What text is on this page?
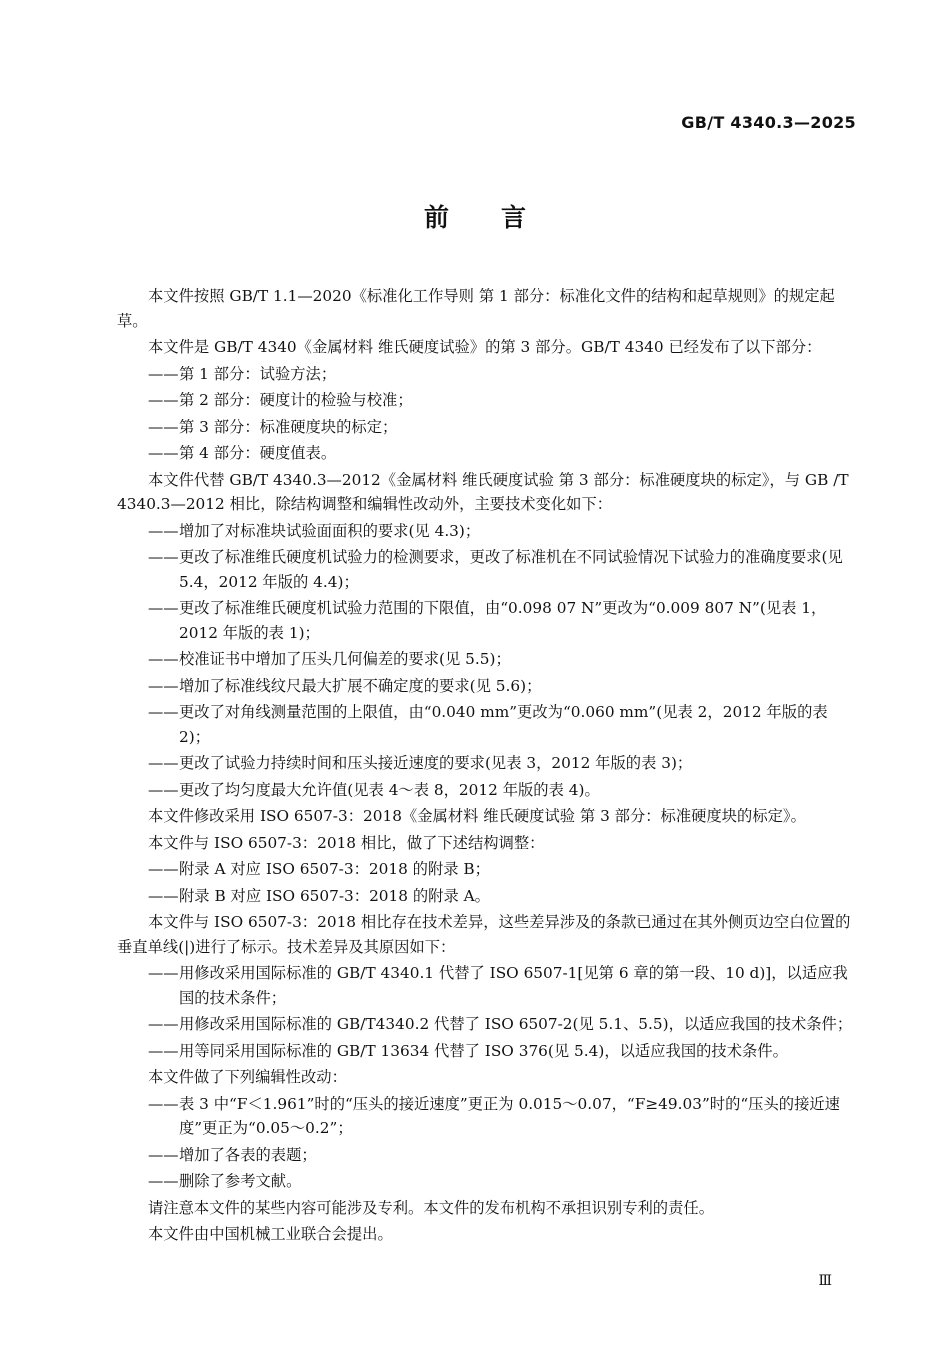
GB/T 4340.3—2025
前言
本文件按照 GB/T 1.1—2020《标准化工作导则 第 1 部分：标准化文件的结构和起草规则》的规定起草。
本文件是 GB/T 4340《金属材料 维氏硬度试验》的第 3 部分。GB/T 4340 已经发布了以下部分：
——第 1 部分：试验方法；
——第 2 部分：硬度计的检验与校准；
——第 3 部分：标准硬度块的标定；
——第 4 部分：硬度值表。
本文件代替 GB/T 4340.3—2012《金属材料 维氏硬度试验 第 3 部分：标准硬度块的标定》，与 GB /T 4340.3—2012 相比，除结构调整和编辑性改动外，主要技术变化如下：
——增加了对标准块试验面面积的要求(见 4.3)；
——更改了标准维氏硬度机试验力的检测要求，更改了标准机在不同试验情况下试验力的准确度要求(见 5.4，2012 年版的 4.4)；
——更改了标准维氏硬度机试验力范围的下限值，由“0.098 07 N”更改为“0.009 807 N”(见表 1，2012 年版的表 1)；
——校准证书中增加了压头几何偏差的要求(见 5.5)；
——增加了标准线纹尺最大扩展不确定度的要求(见 5.6)；
——更改了对角线测量范围的上限值，由“0.040 mm”更改为“0.060 mm”(见表 2，2012 年版的表 2)；
——更改了试验力持续时间和压头接近速度的要求(见表 3，2012 年版的表 3)；
——更改了均匀度最大允许值(见表 4～表 8，2012 年版的表 4)。
本文件修改采用 ISO 6507-3：2018《金属材料 维氏硬度试验 第 3 部分：标准硬度块的标定》。
本文件与 ISO 6507-3：2018 相比，做了下述结构调整：
——附录 A 对应 ISO 6507-3：2018 的附录 B；
——附录 B 对应 ISO 6507-3：2018 的附录 A。
本文件与 ISO 6507-3：2018 相比存在技术差异，这些差异涉及的条款已通过在其外侧页边空白位置的垂直单线(|)进行了标示。技术差异及其原因如下：
——用修改采用国际标准的 GB/T 4340.1 代替了 ISO 6507-1[见第 6 章的第一段、10 d)]，以适应我国的技术条件；
——用修改采用国际标准的 GB/T4340.2 代替了 ISO 6507-2(见 5.1、5.5)，以适应我国的技术条件；
——用等同采用国际标准的 GB/T 13634 代替了 ISO 376(见 5.4)，以适应我国的技术条件。
本文件做了下列编辑性改动：
——表 3 中“F＜1.961”时的“压头的接近速度”更正为 0.015～0.07，“F≥49.03”时的“压头的接近速度”更正为“0.05～0.2”；
——增加了各表的表题；
——删除了参考文献。
请注意本文件的某些内容可能涉及专利。本文件的发布机构不承担识别专利的责任。
本文件由中国机械工业联合会提出。
Ⅲ
